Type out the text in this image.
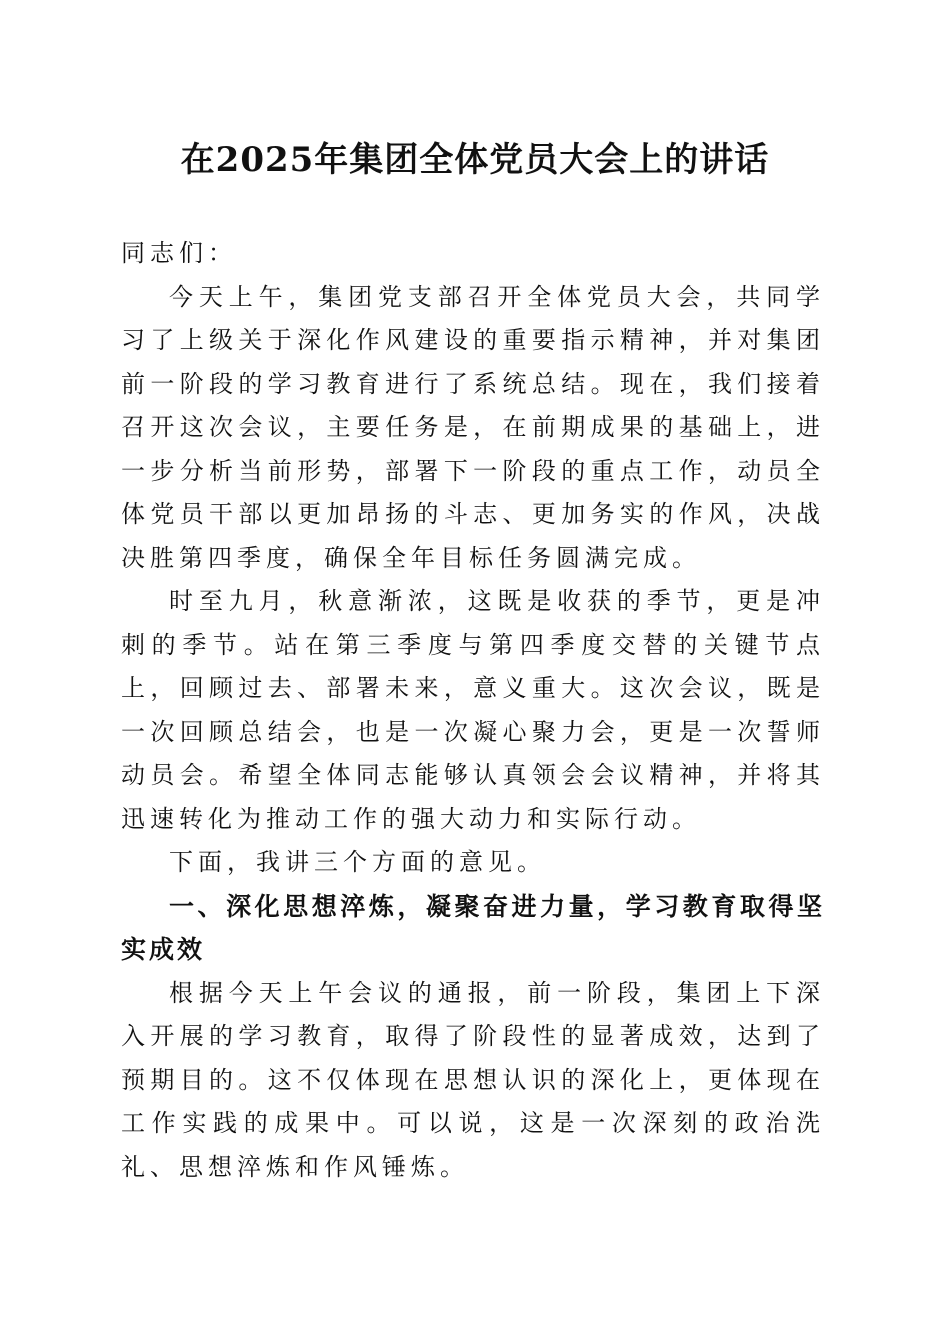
在2025年集团全体党员大会上的讲话

同志们：

今天上午，集团党支部召开全体党员大会，共同学习了上级关于深化作风建设的重要指示精神，并对集团前一阶段的学习教育进行了系统总结。现在，我们接着召开这次会议，主要任务是，在前期成果的基础上，进一步分析当前形势，部署下一阶段的重点工作，动员全体党员干部以更加昂扬的斗志、更加务实的作风，决战决胜第四季度，确保全年目标任务圆满完成。

时至九月，秋意渐浓，这既是收获的季节，更是冲刺的季节。站在第三季度与第四季度交替的关键节点上，回顾过去、部署未来，意义重大。这次会议，既是一次回顾总结会，也是一次凝心聚力会，更是一次誓师动员会。希望全体同志能够认真领会会议精神，并将其迅速转化为推动工作的强大动力和实际行动。

下面，我讲三个方面的意见。

一、深化思想淬炼，凝聚奋进力量，学习教育取得坚实成效

根据今天上午会议的通报，前一阶段，集团上下深入开展的学习教育，取得了阶段性的显著成效，达到了预期目的。这不仅体现在思想认识的深化上，更体现在工作实践的成果中。可以说，这是一次深刻的政治洗礼、思想淬炼和作风锤炼。
